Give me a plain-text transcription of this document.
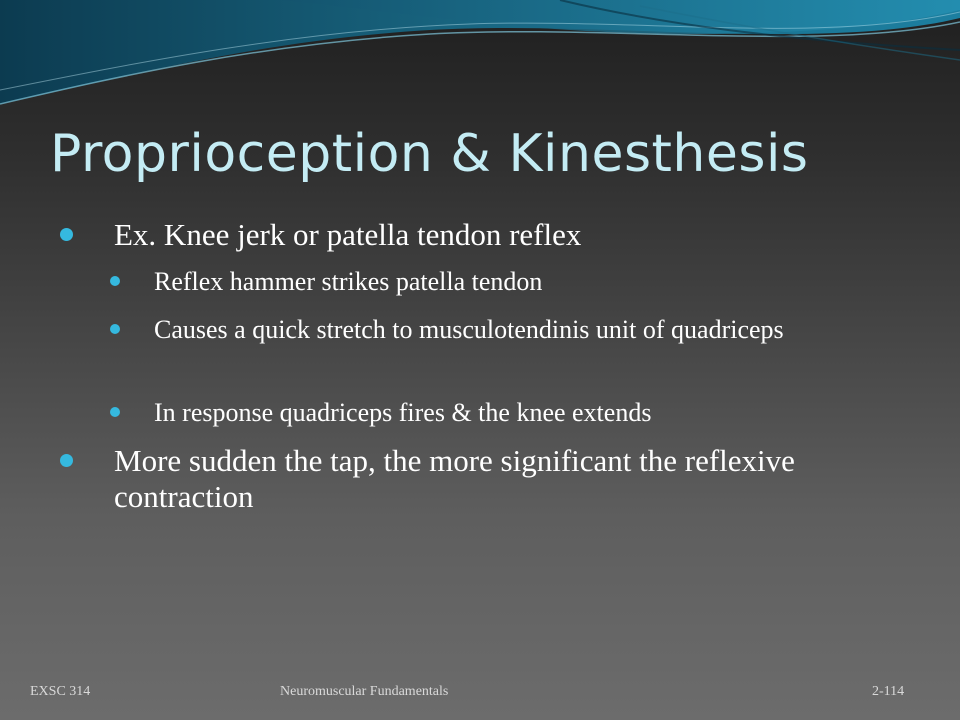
Proprioception & Kinesthesis

Ex. Knee jerk or patella tendon reflex

Reflex hammer strikes patella tendon

Causes a quick stretch to musculotendinis unit of quadriceps

In response quadriceps fires & the knee extends

More sudden the tap, the more significant the reflexive contraction

EXSC 314	Neuromuscular Fundamentals	2-114
